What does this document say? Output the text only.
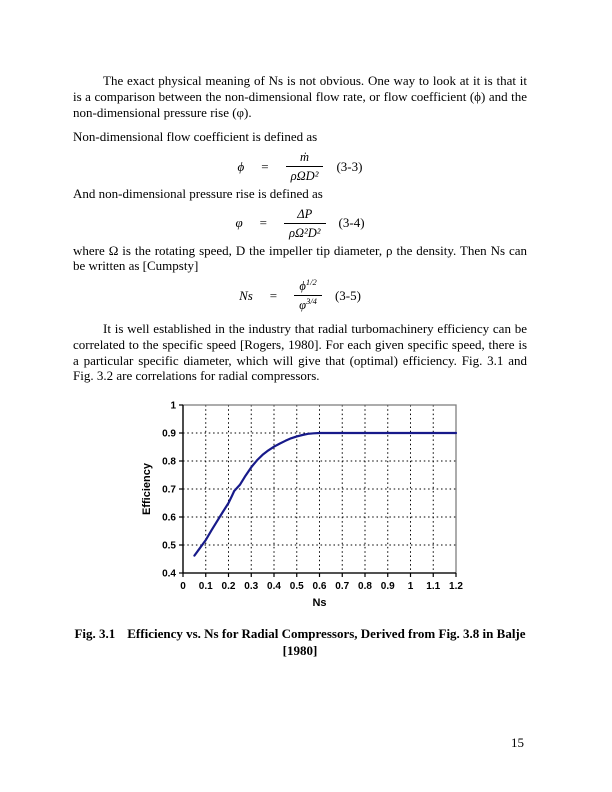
The exact physical meaning of Ns is not obvious. One way to look at it is that it is a comparison between the non-dimensional flow rate, or flow coefficient (ϕ) and the non-dimensional pressure rise (φ).

Non-dimensional flow coefficient is defined as

$\phi = \frac{\text{ṁ}}{\text{ρΩD²}} (3-3)$

And non-dimensional pressure rise is defined as

$\varphi = \frac{\Delta P}{\text{ρΩ²D²}} (3-4)$

where Ω is the rotating speed, D the impeller tip diameter, ρ the density. Then Ns can be written as [Cumpsty]

$Ns = \frac{\phi^{1/2}}{\varphi^{3/4}} (3-5)$

It is well established in the industry that radial turbomachinery efficiency can be correlated to the specific speed [Rogers, 1980]. For each given specific speed, there is a particular specific diameter, which will give that (optimal) efficiency. Fig. 3.1 and Fig. 3.2 are correlations for radial compressors.

0 0.1 0.2 0.3 0.4 0.5 0.6 0.7 0.8 0.9 1 1.1 1.2
0.4
0.5
0.6
0.7
0.8
0.9
1
Ns
Efficiency
Fig. 3.1 Efficiency vs. Ns for Radial Compressors, Derived from Fig. 3.8 in Balje
[1980]
15
